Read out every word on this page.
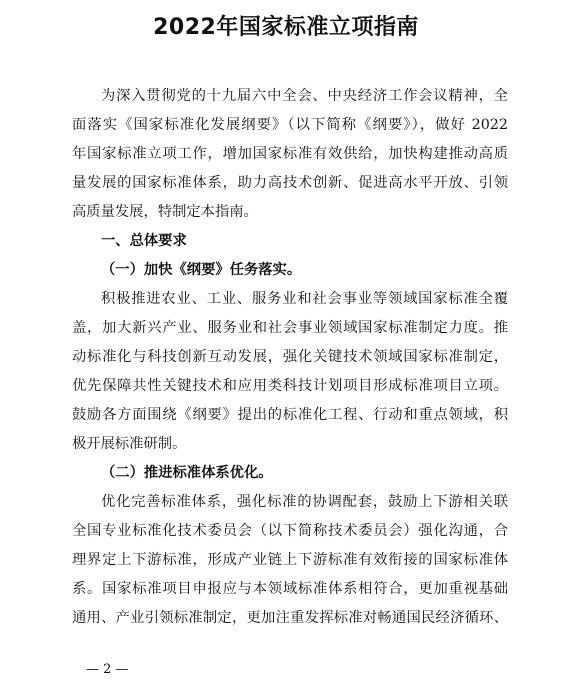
2022年国家标准立项指南
为深入贯彻党的十九届六中全会、中央经济工作会议精神，全
面落实《国家标准化发展纲要》（以下简称《纲要》），做好 2022
年国家标准立项工作，增加国家标准有效供给，加快构建推动高质
量发展的国家标准体系，助力高技术创新、促进高水平开放、引领
高质量发展，特制定本指南。
一、总体要求
（一）加快《纲要》任务落实。
积极推进农业、工业、服务业和社会事业等领域国家标准全覆
盖，加大新兴产业、服务业和社会事业领域国家标准制定力度。推
动标准化与科技创新互动发展，强化关键技术领域国家标准制定，
优先保障共性关键技术和应用类科技计划项目形成标准项目立项。
鼓励各方面围绕《纲要》提出的标准化工程、行动和重点领域，积
极开展标准研制。
（二）推进标准体系优化。
优化完善标准体系，强化标准的协调配套，鼓励上下游相关联
全国专业标准化技术委员会（以下简称技术委员会）强化沟通，合
理界定上下游标准，形成产业链上下游标准有效衔接的国家标准体
系。国家标准项目申报应与本领域标准体系相符合，更加重视基础
通用、产业引领标准制定，更加注重发挥标准对畅通国民经济循环、
— 2 —
